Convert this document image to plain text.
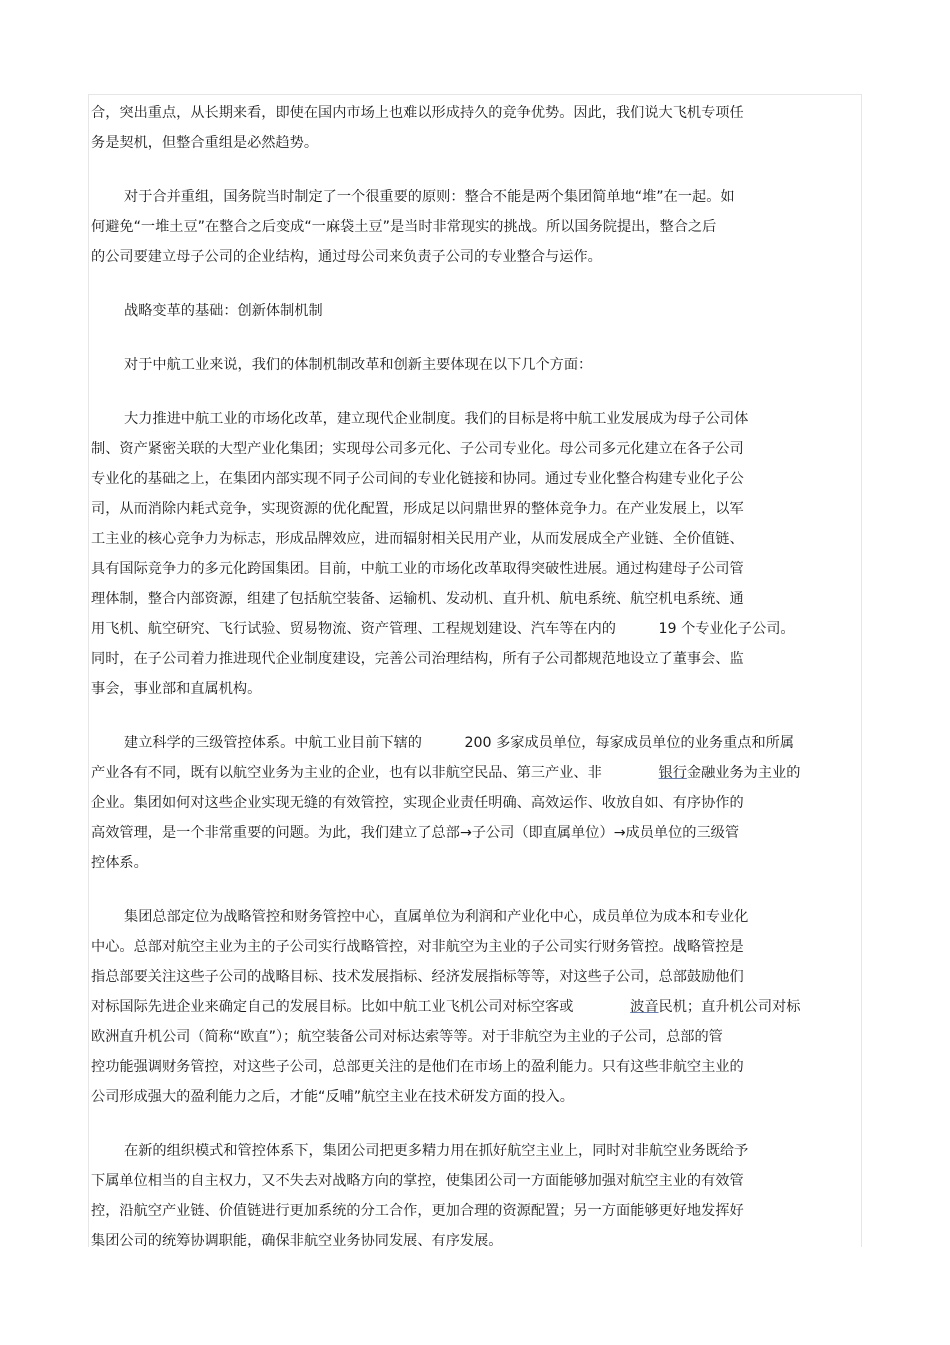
合，突出重点，从长期来看，即使在国内市场上也难以形成持久的竞争优势。因此，我们说大飞机专项任
务是契机，但整合重组是必然趋势。
对于合并重组，国务院当时制定了一个很重要的原则：整合不能是两个集团简单地“堆”在一起。如
何避免“一堆土豆”在整合之后变成“一麻袋土豆”是当时非常现实的挑战。所以国务院提出，整合之后
的公司要建立母子公司的企业结构，通过母公司来负责子公司的专业整合与运作。
战略变革的基础：创新体制机制
对于中航工业来说，我们的体制机制改革和创新主要体现在以下几个方面：
大力推进中航工业的市场化改革，建立现代企业制度。我们的目标是将中航工业发展成为母子公司体
制、资产紧密关联的大型产业化集团；实现母公司多元化、子公司专业化。母公司多元化建立在各子公司
专业化的基础之上，在集团内部实现不同子公司间的专业化链接和协同。通过专业化整合构建专业化子公
司，从而消除内耗式竞争，实现资源的优化配置，形成足以问鼎世界的整体竞争力。在产业发展上，以军
工主业的核心竞争力为标志，形成品牌效应，进而辐射相关民用产业，从而发展成全产业链、全价值链、
具有国际竞争力的多元化跨国集团。目前，中航工业的市场化改革取得突破性进展。通过构建母子公司管
理体制，整合内部资源，组建了包括航空装备、运输机、发动机、直升机、航电系统、航空机电系统、通
用飞机、航空研究、飞行试验、贸易物流、资产管理、工程规划建设、汽车等在内的　　　19 个专业化子公司。
同时，在子公司着力推进现代企业制度建设，完善公司治理结构，所有子公司都规范地设立了董事会、监
事会，事业部和直属机构。
建立科学的三级管控体系。中航工业目前下辖的　　　200 多家成员单位，每家成员单位的业务重点和所属
产业各有不同，既有以航空业务为主业的企业，也有以非航空民品、第三产业、非　　　　	银行金融业务为主业的
企业。集团如何对这些企业实现无缝的有效管控，实现企业责任明确、高效运作、收放自如、有序协作的
高效管理，是一个非常重要的问题。为此，我们建立了总部→子公司（即直属单位）→成员单位的三级管
控体系。
集团总部定位为战略管控和财务管控中心，直属单位为利润和产业化中心，成员单位为成本和专业化
中心。总部对航空主业为主的子公司实行战略管控，对非航空为主业的子公司实行财务管控。战略管控是
指总部要关注这些子公司的战略目标、技术发展指标、经济发展指标等等，对这些子公司，总部鼓励他们
对标国际先进企业来确定自己的发展目标。比如中航工业飞机公司对标空客或　　　　	波音民机；直升机公司对标
欧洲直升机公司（简称“欧直”）；航空装备公司对标达索等等。对于非航空为主业的子公司，总部的管
控功能强调财务管控，对这些子公司，总部更关注的是他们在市场上的盈利能力。只有这些非航空主业的
公司形成强大的盈利能力之后，才能“反哺”航空主业在技术研发方面的投入。
在新的组织模式和管控体系下，集团公司把更多精力用在抓好航空主业上，同时对非航空业务既给予
下属单位相当的自主权力，又不失去对战略方向的掌控，使集团公司一方面能够加强对航空主业的有效管
控，沿航空产业链、价值链进行更加系统的分工合作，更加合理的资源配置；另一方面能够更好地发挥好
集团公司的统筹协调职能，确保非航空业务协同发展、有序发展。
